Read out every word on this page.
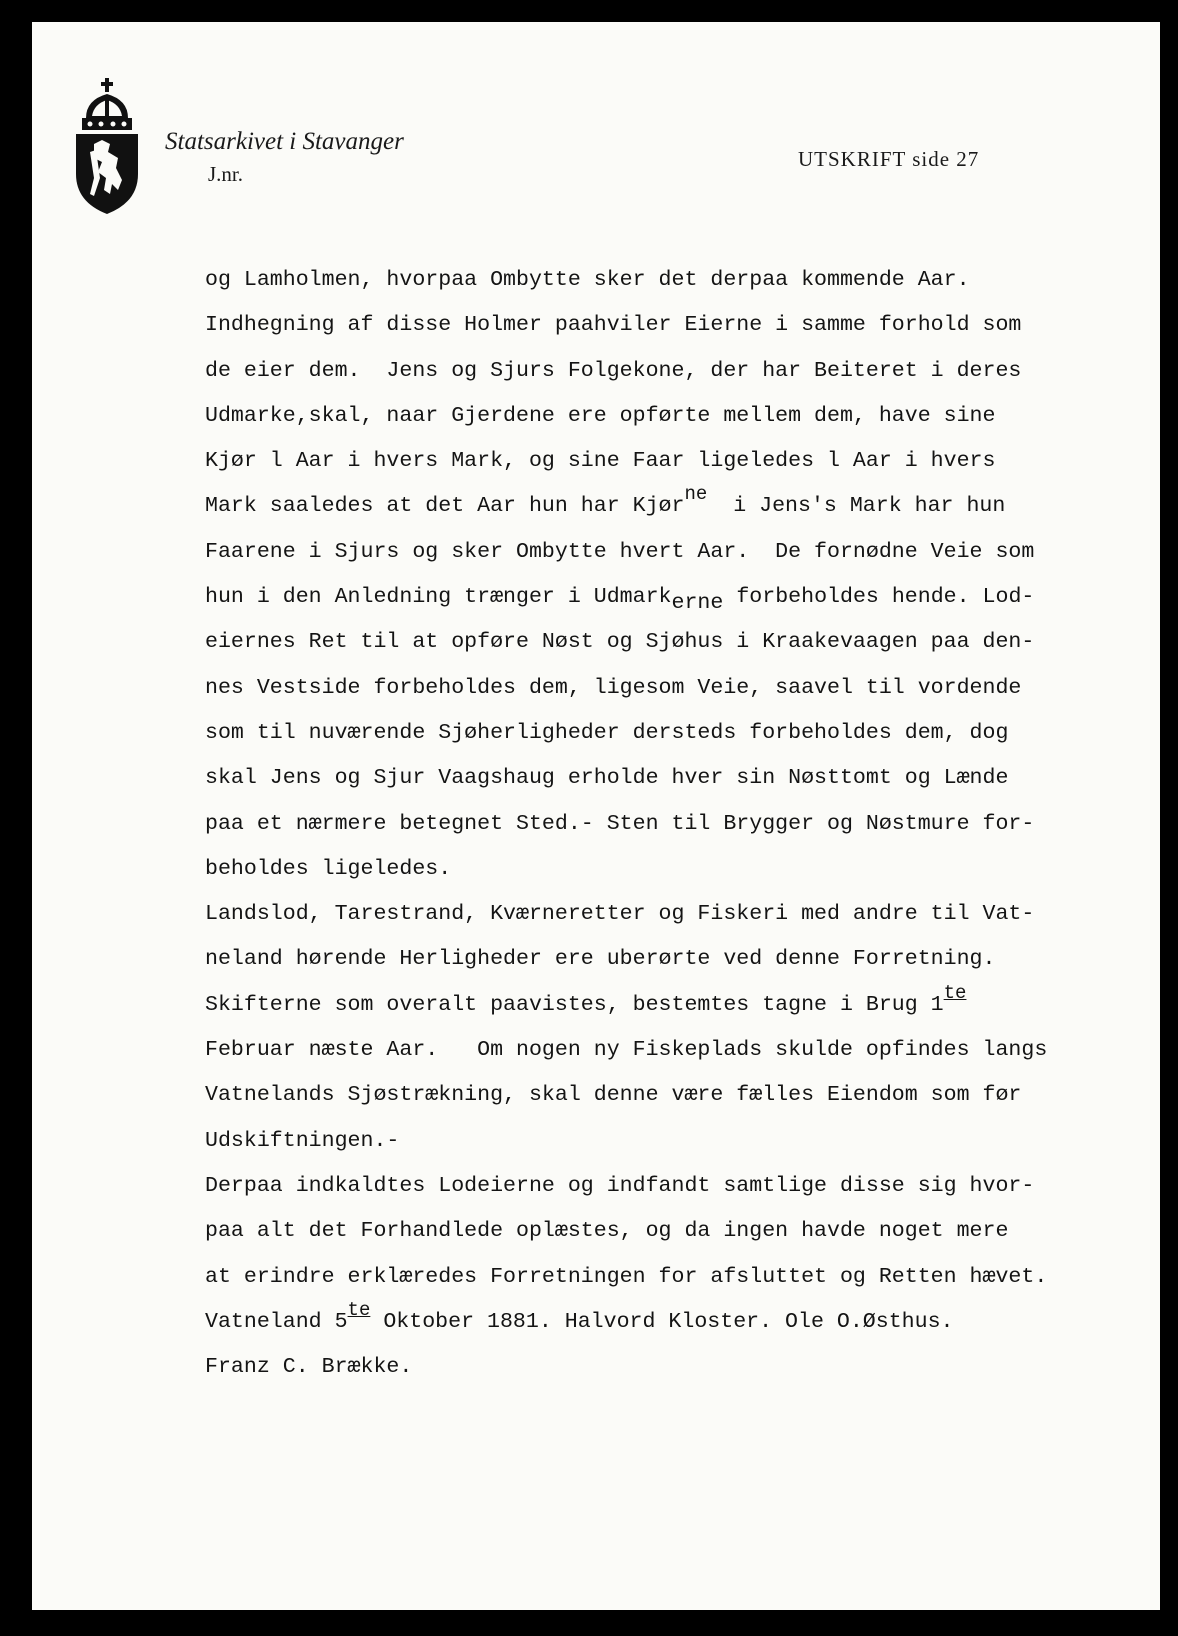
Statsarkivet i Stavanger
J.nr.
UTSKRIFT side 27
og Lamholmen, hvorpaa Ombytte sker det derpaa kommende Aar.
Indhegning af disse Holmer paahviler Eierne i samme forhold som
de eier dem.  Jens og Sjurs Folgekone, der har Beiteret i deres
Udmarke,skal, naar Gjerdene ere opførte mellem dem, have sine
Kjør l Aar i hvers Mark, og sine Faar ligeledes l Aar i hvers
Mark saaledes at det Aar hun har Kjørne  i Jens's Mark har hun
Faarene i Sjurs og sker Ombytte hvert Aar.  De fornødne Veie som
hun i den Anledning trænger i Udmarkerne forbeholdes hende. Lod-
eiernes Ret til at opføre Nøst og Sjøhus i Kraakevaagen paa den-
nes Vestside forbeholdes dem, ligesom Veie, saavel til vordende
som til nuværende Sjøherligheder dersteds forbeholdes dem, dog
skal Jens og Sjur Vaagshaug erholde hver sin Nøsttomt og Lænde
paa et nærmere betegnet Sted.- Sten til Brygger og Nøstmure for-
beholdes ligeledes.
Landslod, Tarestrand, Kværneretter og Fiskeri med andre til Vat-
neland hørende Herligheder ere uberørte ved denne Forretning.
Skifterne som overalt paavistes, bestemtes tagne i Brug 1te
Februar næste Aar.   Om nogen ny Fiskeplads skulde opfindes langs
Vatnelands Sjøstrækning, skal denne være fælles Eiendom som før
Udskiftningen.-
Derpaa indkaldtes Lodeierne og indfandt samtlige disse sig hvor-
paa alt det Forhandlede oplæstes, og da ingen havde noget mere
at erindre erklæredes Forretningen for afsluttet og Retten hævet.
Vatneland 5te Oktober 1881. Halvord Kloster. Ole O.Østhus.
Franz C. Brække.
